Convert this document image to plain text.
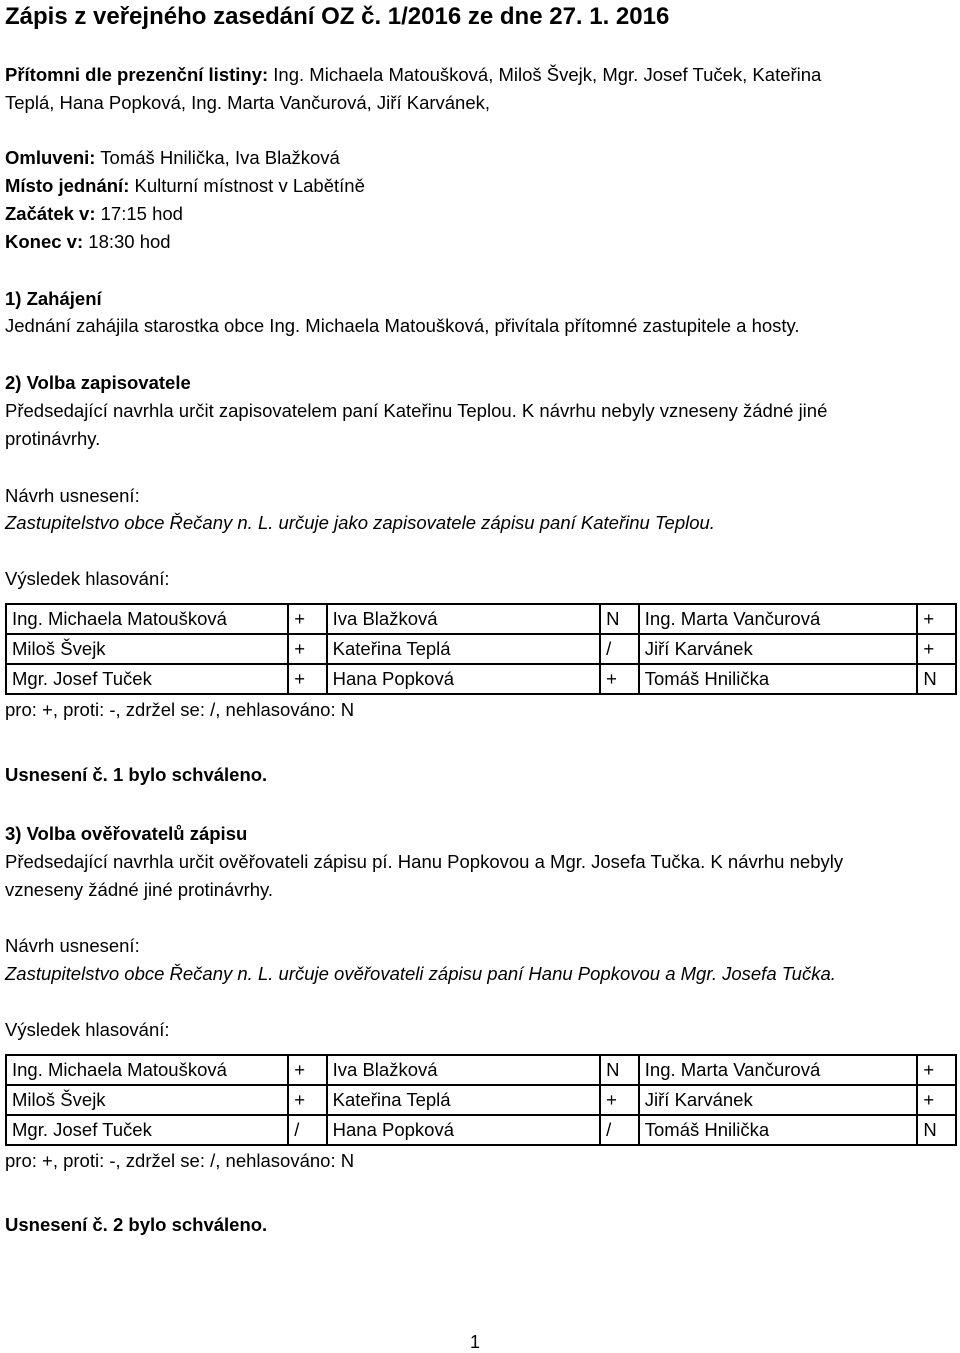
Zápis z veřejného zasedání OZ č. 1/2016 ze dne 27. 1. 2016
Přítomni dle prezenční listiny: Ing. Michaela Matoušková, Miloš Švejk, Mgr. Josef Tuček, Kateřina
Teplá, Hana Popková, Ing. Marta Vančurová, Jiří Karvánek,
Omluveni: Tomáš Hnilička, Iva Blažková
Místo jednání: Kulturní místnost v Labětíně
Začátek v: 17:15 hod
Konec v: 18:30 hod
1) Zahájení
Jednání zahájila starostka obce Ing. Michaela Matoušková, přivítala přítomné zastupitele a hosty.
2) Volba zapisovatele
Předsedající navrhla určit zapisovatelem paní Kateřinu Teplou. K návrhu nebyly vzneseny žádné jiné
protinávrhy.
Návrh usnesení:
Zastupitelstvo obce Řečany n. L. určuje jako zapisovatele zápisu paní Kateřinu Teplou.
Výsledek hlasování:
Ing. Michaela Matoušková	+	Iva Blažková	N	Ing. Marta Vančurová	+
Miloš Švejk	+	Kateřina Teplá	/	Jiří Karvánek	+
Mgr. Josef Tuček	+	Hana Popková	+	Tomáš Hnilička	N
pro: +, proti: -, zdržel se: /, nehlasováno: N
Usnesení č. 1 bylo schváleno.
3) Volba ověřovatelů zápisu
Předsedající navrhla určit ověřovateli zápisu pí. Hanu Popkovou a Mgr. Josefa Tučka. K návrhu nebyly
vzneseny žádné jiné protinávrhy.
Návrh usnesení:
Zastupitelstvo obce Řečany n. L. určuje ověřovateli zápisu paní Hanu Popkovou a Mgr. Josefa Tučka.
Výsledek hlasování:
Ing. Michaela Matoušková	+	Iva Blažková	N	Ing. Marta Vančurová	+
Miloš Švejk	+	Kateřina Teplá	+	Jiří Karvánek	+
Mgr. Josef Tuček	/	Hana Popková	/	Tomáš Hnilička	N
pro: +, proti: -, zdržel se: /, nehlasováno: N
Usnesení č. 2 bylo schváleno.
1
